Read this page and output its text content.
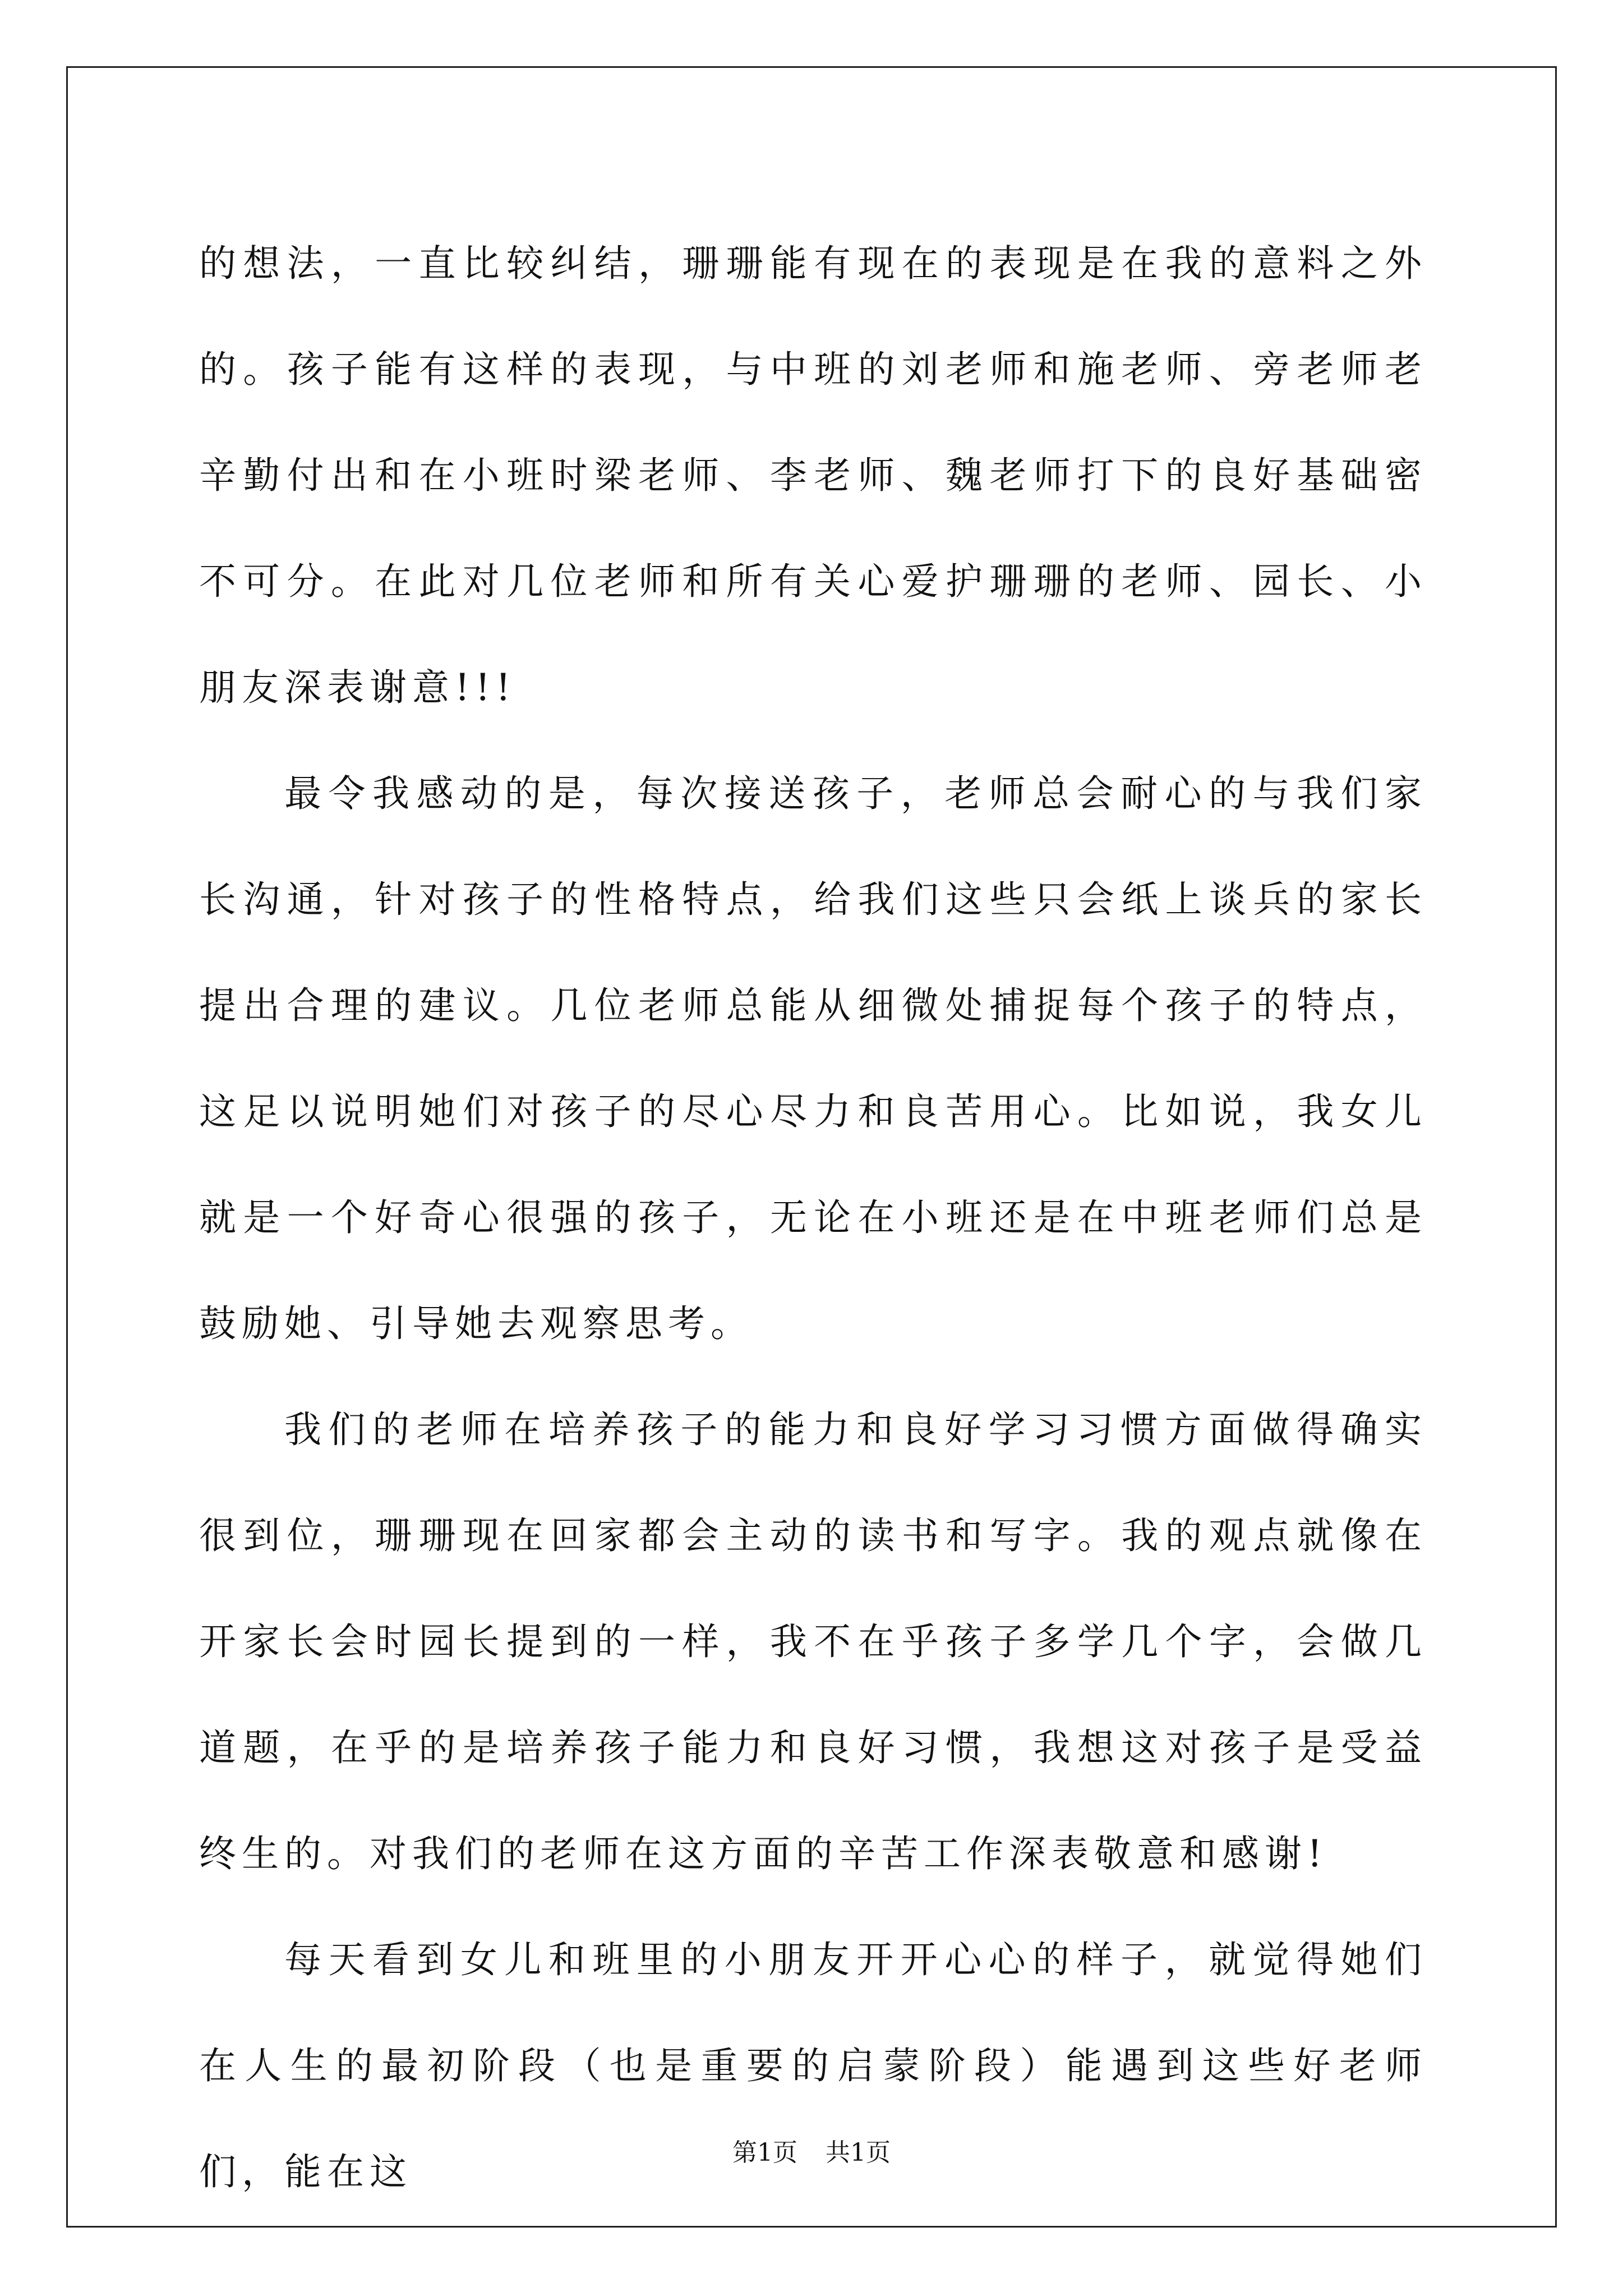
的想法，一直比较纠结，珊珊能有现在的表现是在我的意料之外的。孩子能有这样的表现，与中班的刘老师和施老师、旁老师老辛勤付出和在小班时梁老师、李老师、魏老师打下的良好基础密不可分。在此对几位老师和所有关心爱护珊珊的老师、园长、小朋友深表谢意!!!

最令我感动的是，每次接送孩子，老师总会耐心的与我们家长沟通，针对孩子的性格特点，给我们这些只会纸上谈兵的家长提出合理的建议。几位老师总能从细微处捕捉每个孩子的特点，这足以说明她们对孩子的尽心尽力和良苦用心。比如说，我女儿就是一个好奇心很强的孩子，无论在小班还是在中班老师们总是鼓励她、引导她去观察思考。

我们的老师在培养孩子的能力和良好学习习惯方面做得确实很到位，珊珊现在回家都会主动的读书和写字。我的观点就像在开家长会时园长提到的一样，我不在乎孩子多学几个字，会做几道题，在乎的是培养孩子能力和良好习惯，我想这对孩子是受益终生的。对我们的老师在这方面的辛苦工作深表敬意和感谢!

每天看到女儿和班里的小朋友开开心心的样子，就觉得她们在人生的最初阶段（也是重要的启蒙阶段）能遇到这些好老师们，能在这	第1页 共1页
